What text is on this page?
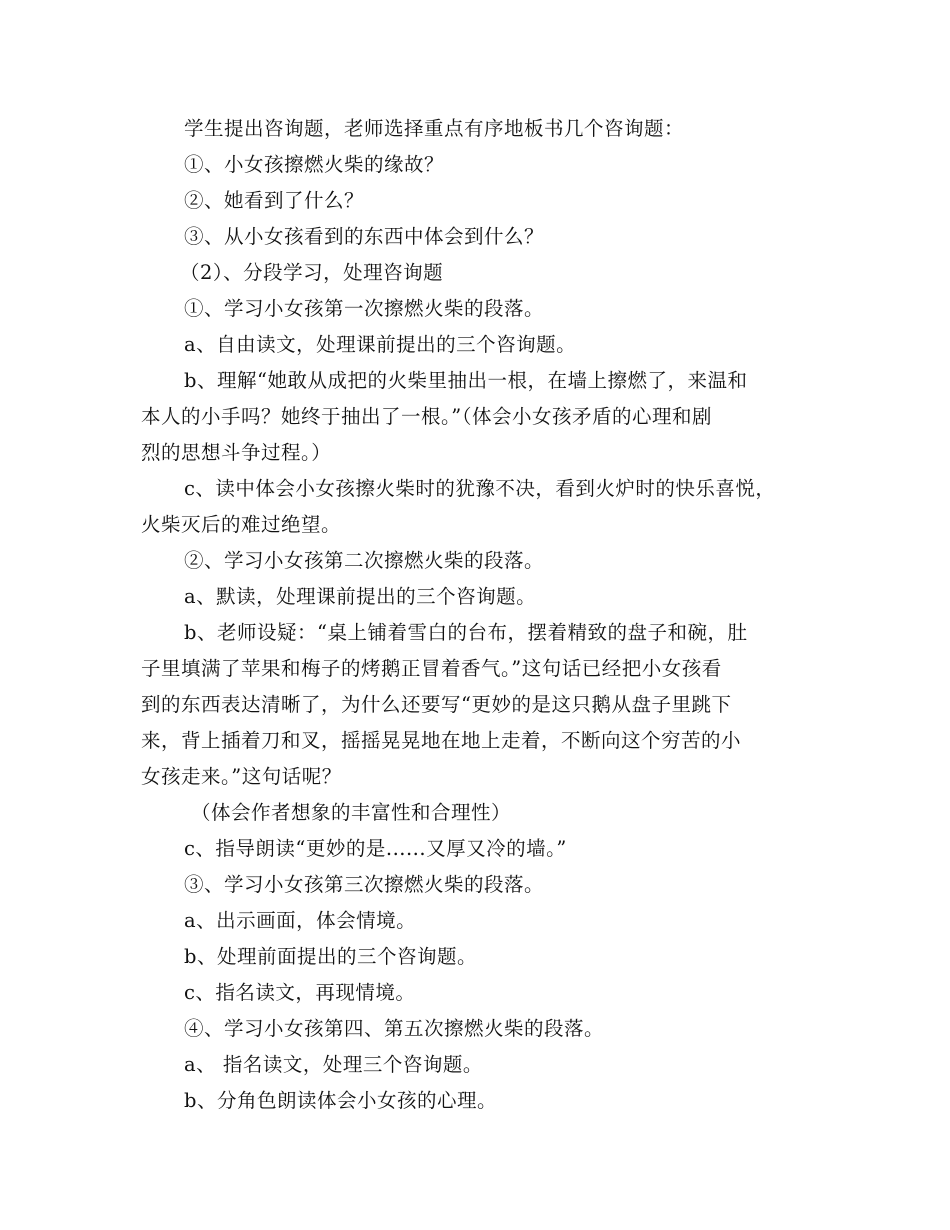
学生提出咨询题，老师选择重点有序地板书几个咨询题：
①、小女孩擦燃火柴的缘故？
②、她看到了什么？
③、从小女孩看到的东西中体会到什么？
（2）、分段学习，处理咨询题
①、学习小女孩第一次擦燃火柴的段落。
a、自由读文，处理课前提出的三个咨询题。
b、理解“她敢从成把的火柴里抽出一根，在墙上擦燃了，来温和
本人的小手吗？她终于抽出了一根。”（体会小女孩矛盾的心理和剧
烈的思想斗争过程。）
c、读中体会小女孩擦火柴时的犹豫不决，看到火炉时的快乐喜悦，
火柴灭后的难过绝望。
②、学习小女孩第二次擦燃火柴的段落。
a、默读，处理课前提出的三个咨询题。
b、老师设疑：“桌上铺着雪白的台布，摆着精致的盘子和碗，肚
子里填满了苹果和梅子的烤鹅正冒着香气。”这句话已经把小女孩看
到的东西表达清晰了，为什么还要写“更妙的是这只鹅从盘子里跳下
来，背上插着刀和叉，摇摇晃晃地在地上走着，不断向这个穷苦的小
女孩走来。”这句话呢？
（体会作者想象的丰富性和合理性）
c、指导朗读“更妙的是......又厚又冷的墙。”
③、学习小女孩第三次擦燃火柴的段落。
a、出示画面，体会情境。
b、处理前面提出的三个咨询题。
c、指名读文，再现情境。
④、学习小女孩第四、第五次擦燃火柴的段落。
a、 指名读文，处理三个咨询题。
b、分角色朗读体会小女孩的心理。
